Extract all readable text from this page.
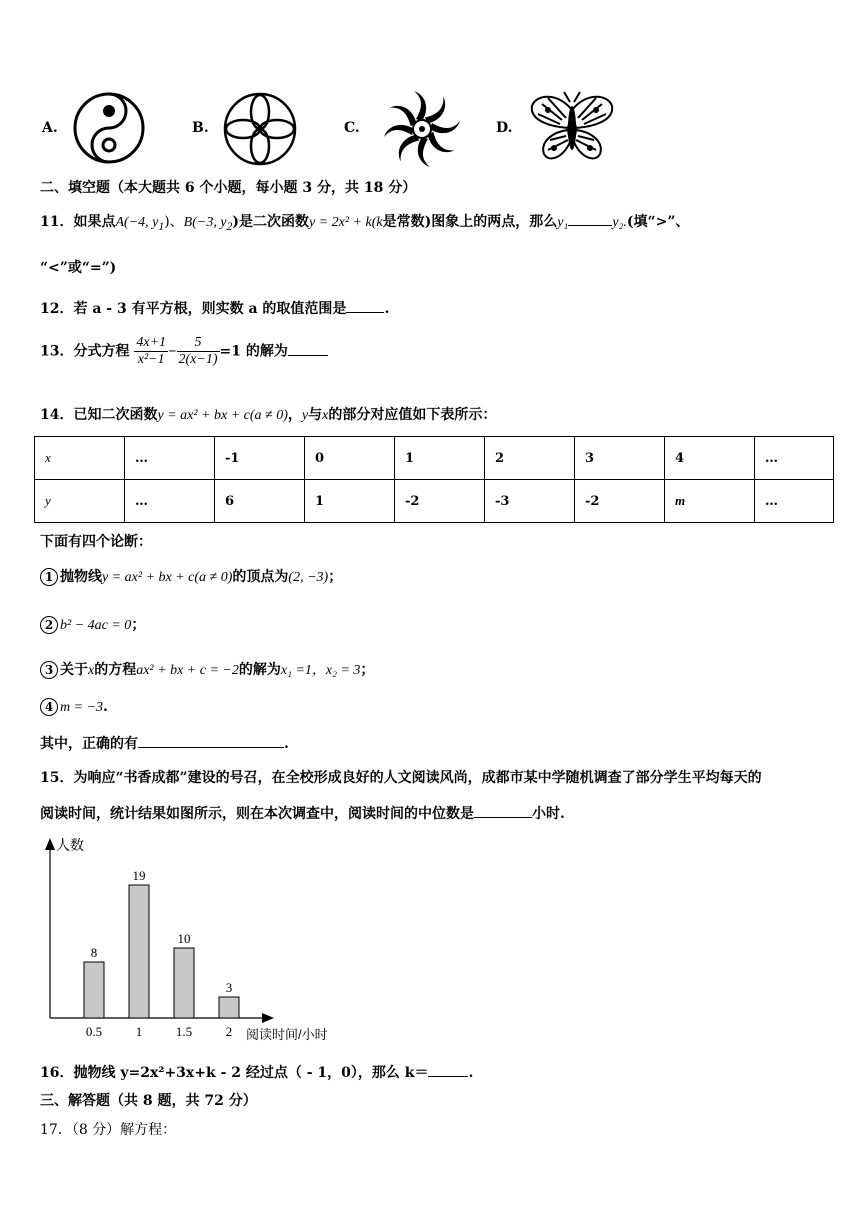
A.	B.	C.	D.
二、填空题（本大题共 6 个小题，每小题 3 分，共 18 分）
11．如果点A(−4, $y_1$)、B(−3, $y_2$)是二次函数y = 2x² + k(k是常数)图象上的两点，那么y₁	y₂.(填“>”、
“<”或“=”)
12．若 a - 3 有平方根，则实数 a 的取值范围是	.
13．分式方程 $\frac{4x+1}{\text{x²−1}} - \frac{5}{2(x-1)} =1$ 的解为
14．已知二次函数y = ax² + bx + c(a ≠ 0)，y与x的部分对应值如下表所示：
x	…	-1	0	1	2	3	4	…
y	…	6	1	-2	-3	-2	m	…
下面有四个论断：
1 抛物线y = ax² + bx + c(a ≠ 0)的顶点为(2, −3)；
2 b² − 4ac = 0；
3 关于x的方程ax² + bx + c = −2的解为x₁ =1，x₂ = 3；
4 m = −3.
其中，正确的有	.
15．为响应“书香成都”建设的号召，在全校形成良好的人文阅读风尚，成都市某中学随机调查了部分学生平均每天的
阅读时间，统计结果如图所示，则在本次调查中，阅读时间的中位数是	小时.
人数
阅读时间/小时
8
0.5
19
1
10
1.5
3
2
16．抛物线 y=2x²+3x+k - 2 经过点（ - 1，0），那么 k＝	.
三、解答题（共 8 题，共 72 分）
17．（8 分）解方程：
